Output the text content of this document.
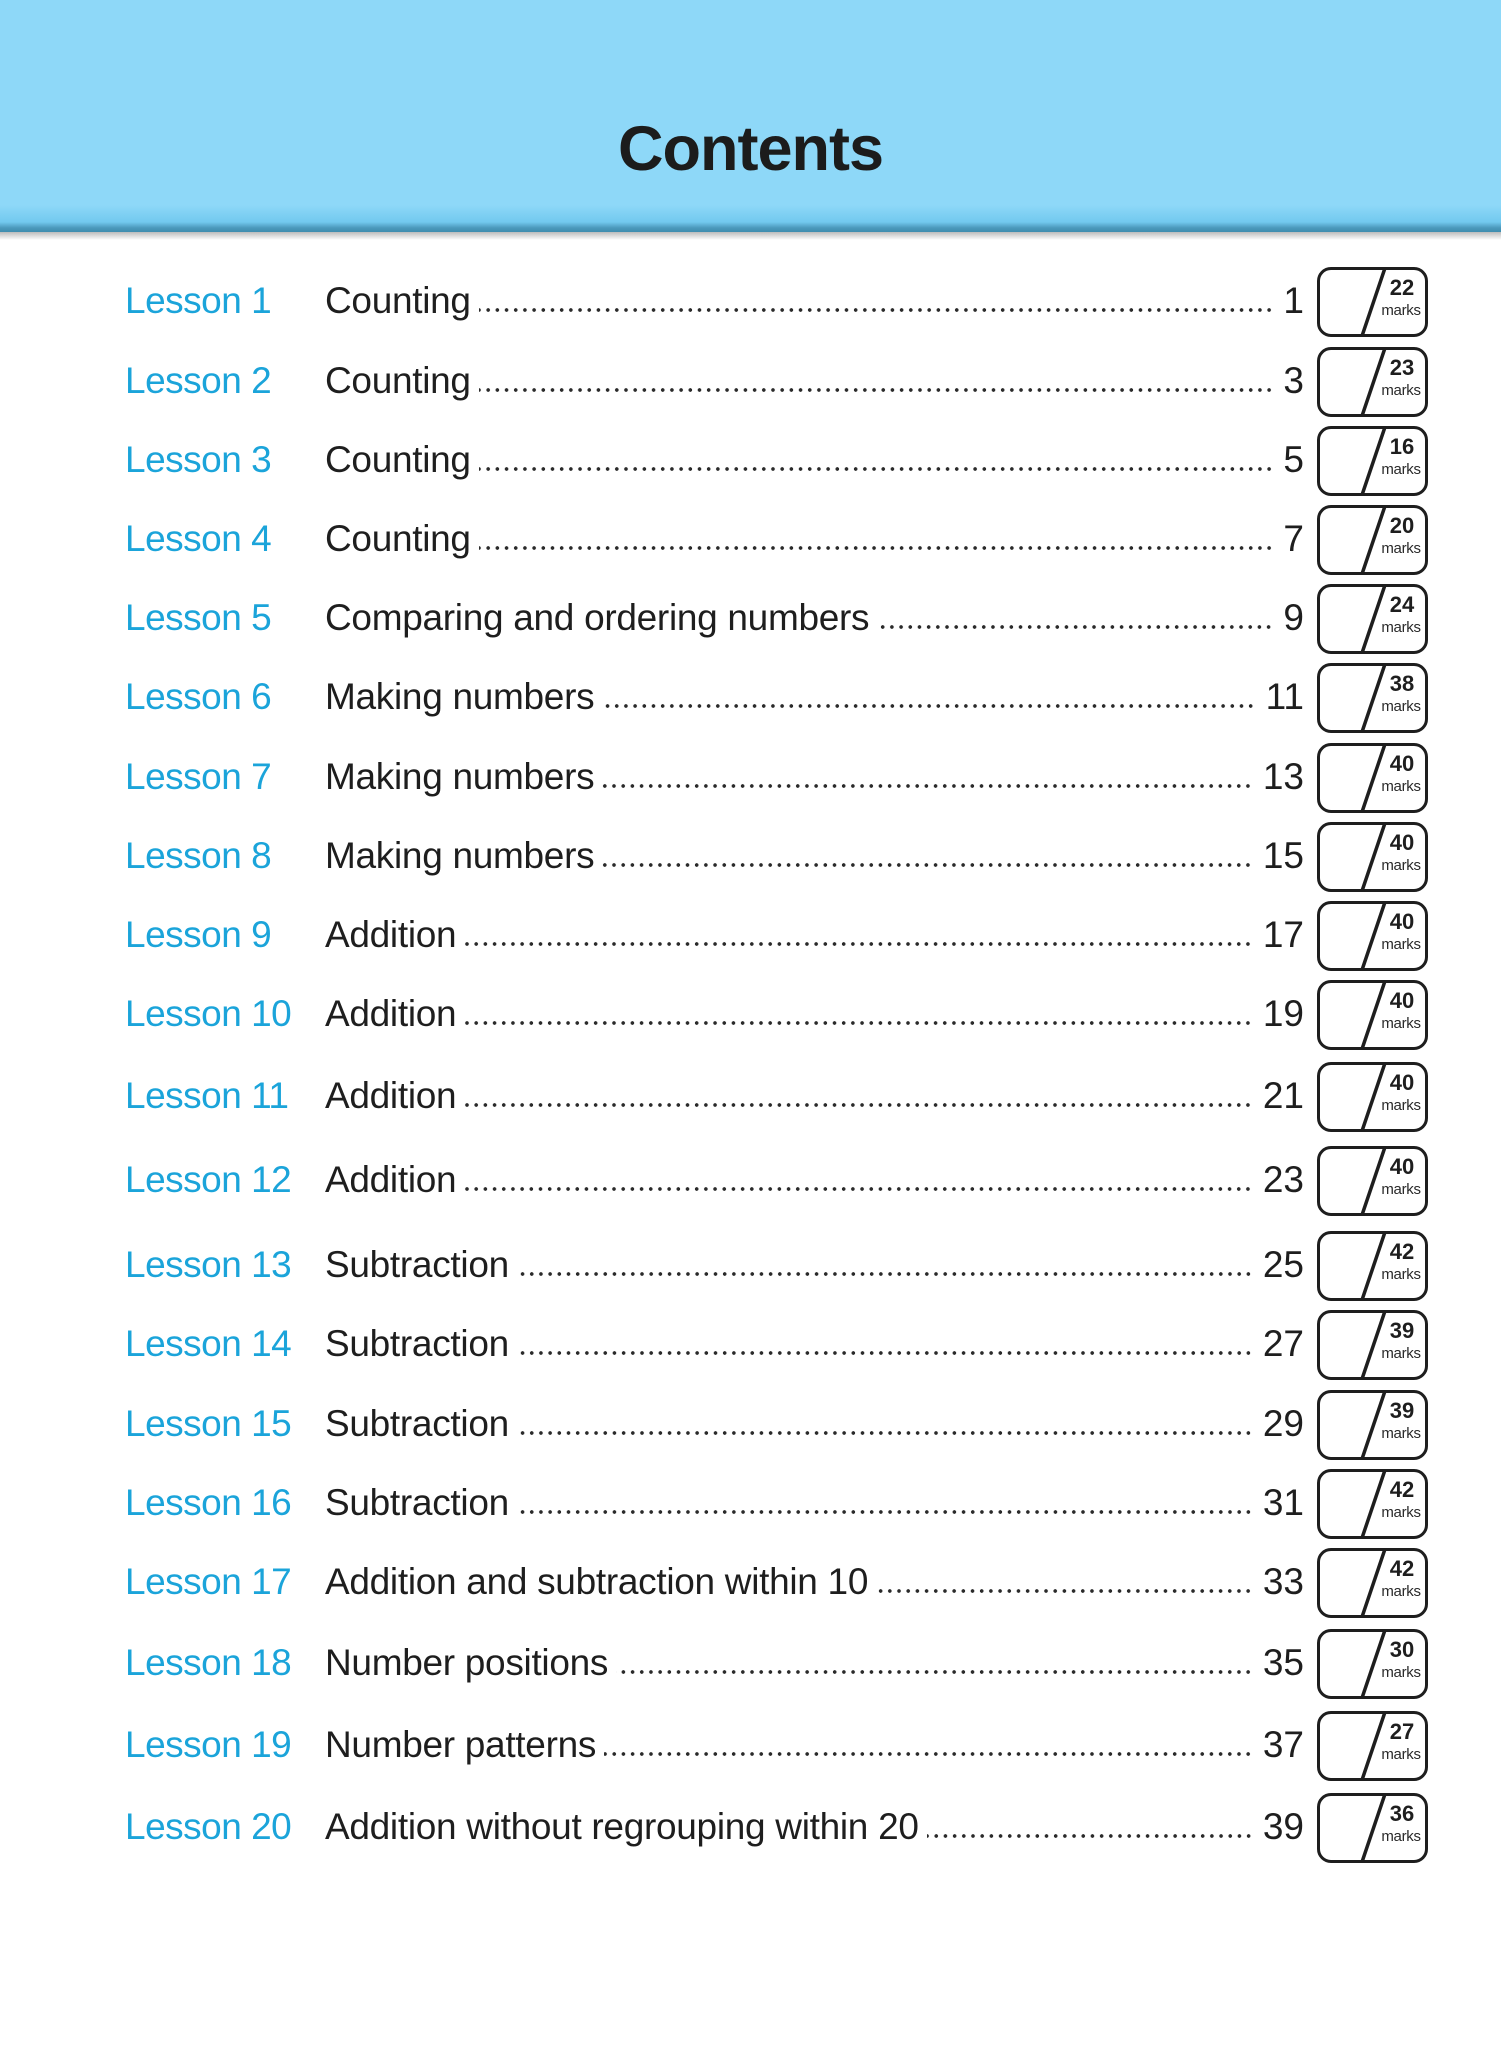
Contents
Lesson 1 Counting	1	22
marks
Lesson 2 Counting	3	23
marks
Lesson 3 Counting	5	16
marks
Lesson 4 Counting	7	20
marks
Lesson 5 Comparing and ordering numbers	9	24
marks
Lesson 6 Making numbers	11	38
marks
Lesson 7 Making numbers	13	40
marks
Lesson 8 Making numbers	15	40
marks
Lesson 9 Addition	17	40
marks
Lesson 10 Addition	19	40
marks
Lesson 11 Addition	21	40
marks
Lesson 12 Addition	23	40
marks
Lesson 13 Subtraction	25	42
marks
Lesson 14 Subtraction	27	39
marks
Lesson 15 Subtraction	29	39
marks
Lesson 16 Subtraction	31	42
marks
Lesson 17 Addition and subtraction within 10	33	42
marks
Lesson 18 Number positions	35	30
marks
Lesson 19 Number patterns	37	27
marks
Lesson 20 Addition without regrouping within 20	39	36
marks
